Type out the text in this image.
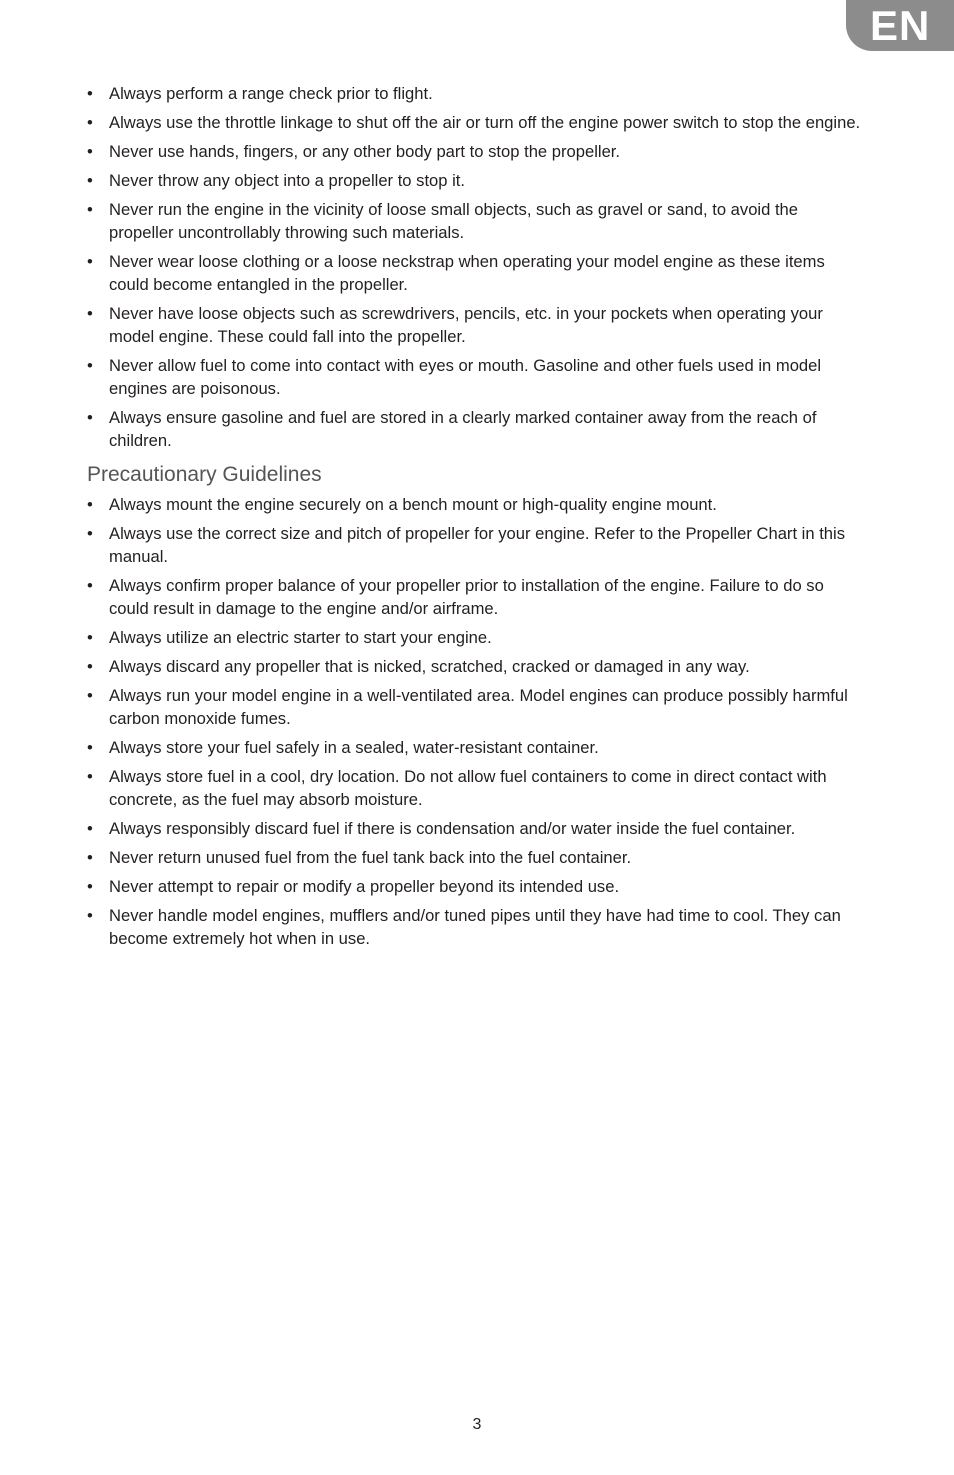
EN
• Always perform a range check prior to flight.
• Always use the throttle linkage to shut off the air or turn off the engine power switch to stop the engine.
• Never use hands, fingers, or any other body part to stop the propeller.
• Never throw any object into a propeller to stop it.
• Never run the engine in the vicinity of loose small objects, such as gravel or sand, to avoid the propeller uncontrollably throwing such materials.
• Never wear loose clothing or a loose neckstrap when operating your model engine as these items could become entangled in the propeller.
• Never have loose objects such as screwdrivers, pencils, etc. in your pockets when operating your model engine. These could fall into the propeller.
• Never allow fuel to come into contact with eyes or mouth. Gasoline and other fuels used in model engines are poisonous.
• Always ensure gasoline and fuel are stored in a clearly marked container away from the reach of children.
Precautionary Guidelines
• Always mount the engine securely on a bench mount or high-quality engine mount.
• Always use the correct size and pitch of propeller for your engine. Refer to the Propeller Chart in this manual.
• Always confirm proper balance of your propeller prior to installation of the engine. Failure to do so could result in damage to the engine and/or airframe.
• Always utilize an electric starter to start your engine.
• Always discard any propeller that is nicked, scratched, cracked or damaged in any way.
• Always run your model engine in a well-ventilated area. Model engines can produce possibly harmful carbon monoxide fumes.
• Always store your fuel safely in a sealed, water-resistant container.
• Always store fuel in a cool, dry location. Do not allow fuel containers to come in direct contact with concrete, as the fuel may absorb moisture.
• Always responsibly discard fuel if there is condensation and/or water inside the fuel container.
• Never return unused fuel from the fuel tank back into the fuel container.
• Never attempt to repair or modify a propeller beyond its intended use.
• Never handle model engines, mufflers and/or tuned pipes until they have had time to cool. They can become extremely hot when in use.
3
